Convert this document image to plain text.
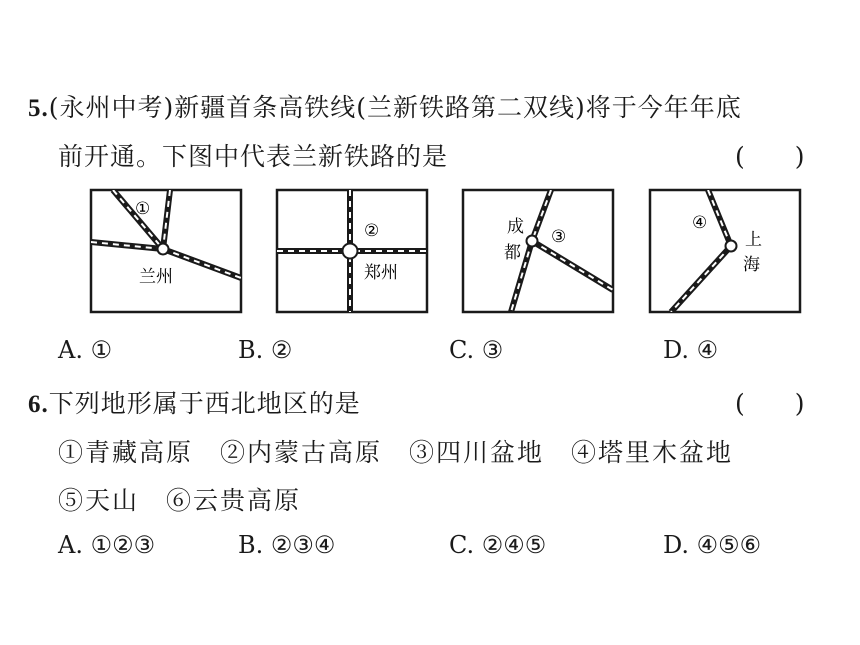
5.(永州中考)新疆首条高铁线(兰新铁路第二双线)将于今年年底
前开通。下图中代表兰新铁路的是	(　　)
①
兰州
②
郑州
③
成
都
④
上
海
A. ①	B. ②	C. ③	D. ④
6.下列地形属于西北地区的是	(　　)
①青藏高原　②内蒙古高原　③四川盆地　④塔里木盆地
⑤天山　⑥云贵高原
A. ①②③	B. ②③④	C. ②④⑤	D. ④⑤⑥
